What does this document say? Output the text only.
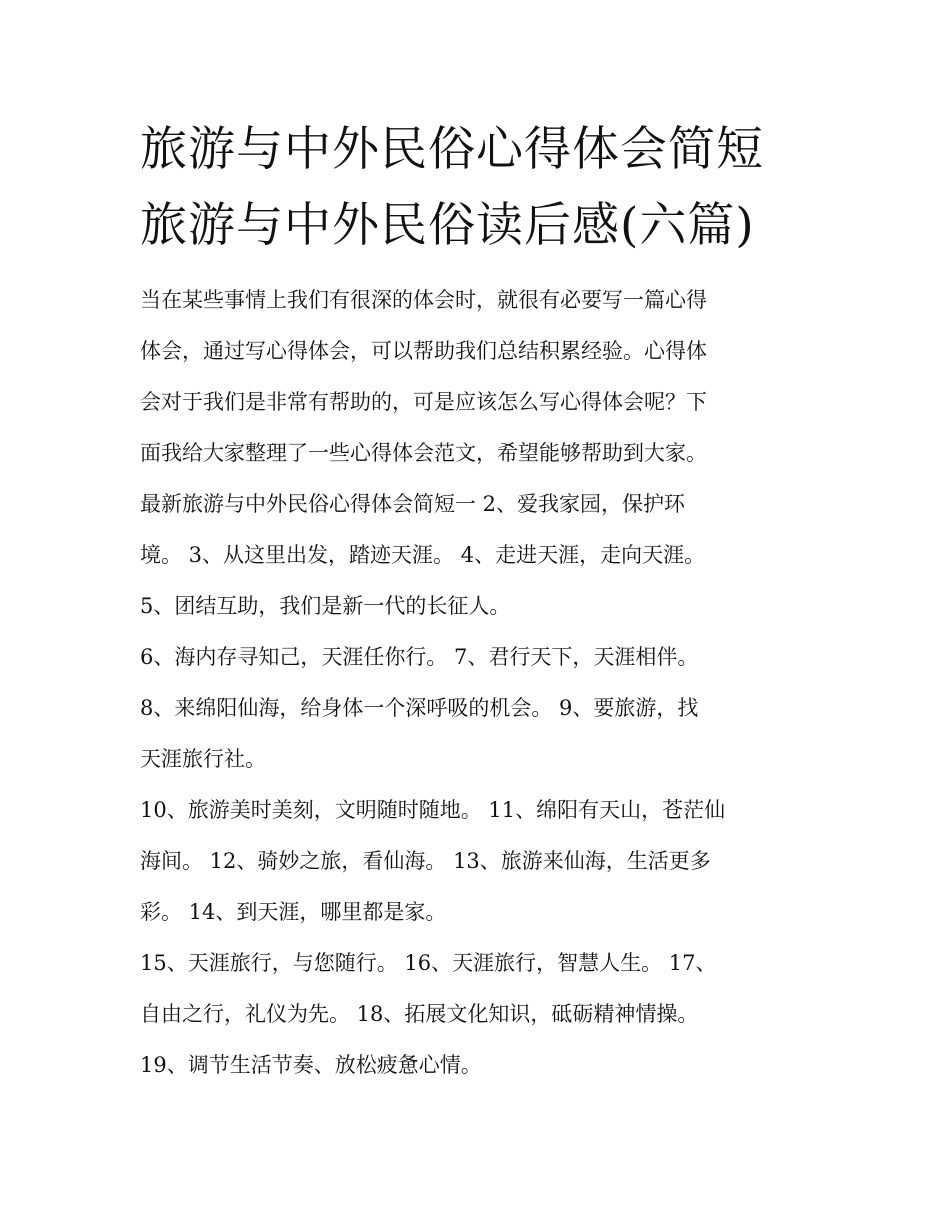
旅游与中外民俗心得体会简短
旅游与中外民俗读后感(六篇)

当在某些事情上我们有很深的体会时，就很有必要写一篇心得
体会，通过写心得体会，可以帮助我们总结积累经验。心得体
会对于我们是非常有帮助的，可是应该怎么写心得体会呢？下
面我给大家整理了一些心得体会范文，希望能够帮助到大家。
最新旅游与中外民俗心得体会简短一 2、爱我家园，保护环
境。 3、从这里出发，踏迹天涯。 4、走进天涯，走向天涯。

5、团结互助，我们是新一代的长征人。

6、海内存寻知己，天涯任你行。 7、君行天下，天涯相伴。

8、来绵阳仙海，给身体一个深呼吸的机会。 9、要旅游，找
天涯旅行社。

10、旅游美时美刻，文明随时随地。 11、绵阳有天山，苍茫仙
海间。 12、骑妙之旅，看仙海。 13、旅游来仙海，生活更多
彩。 14、到天涯，哪里都是家。

15、天涯旅行，与您随行。 16、天涯旅行，智慧人生。 17、
自由之行，礼仪为先。 18、拓展文化知识，砥砺精神情操。
19、调节生活节奏、放松疲惫心情。
